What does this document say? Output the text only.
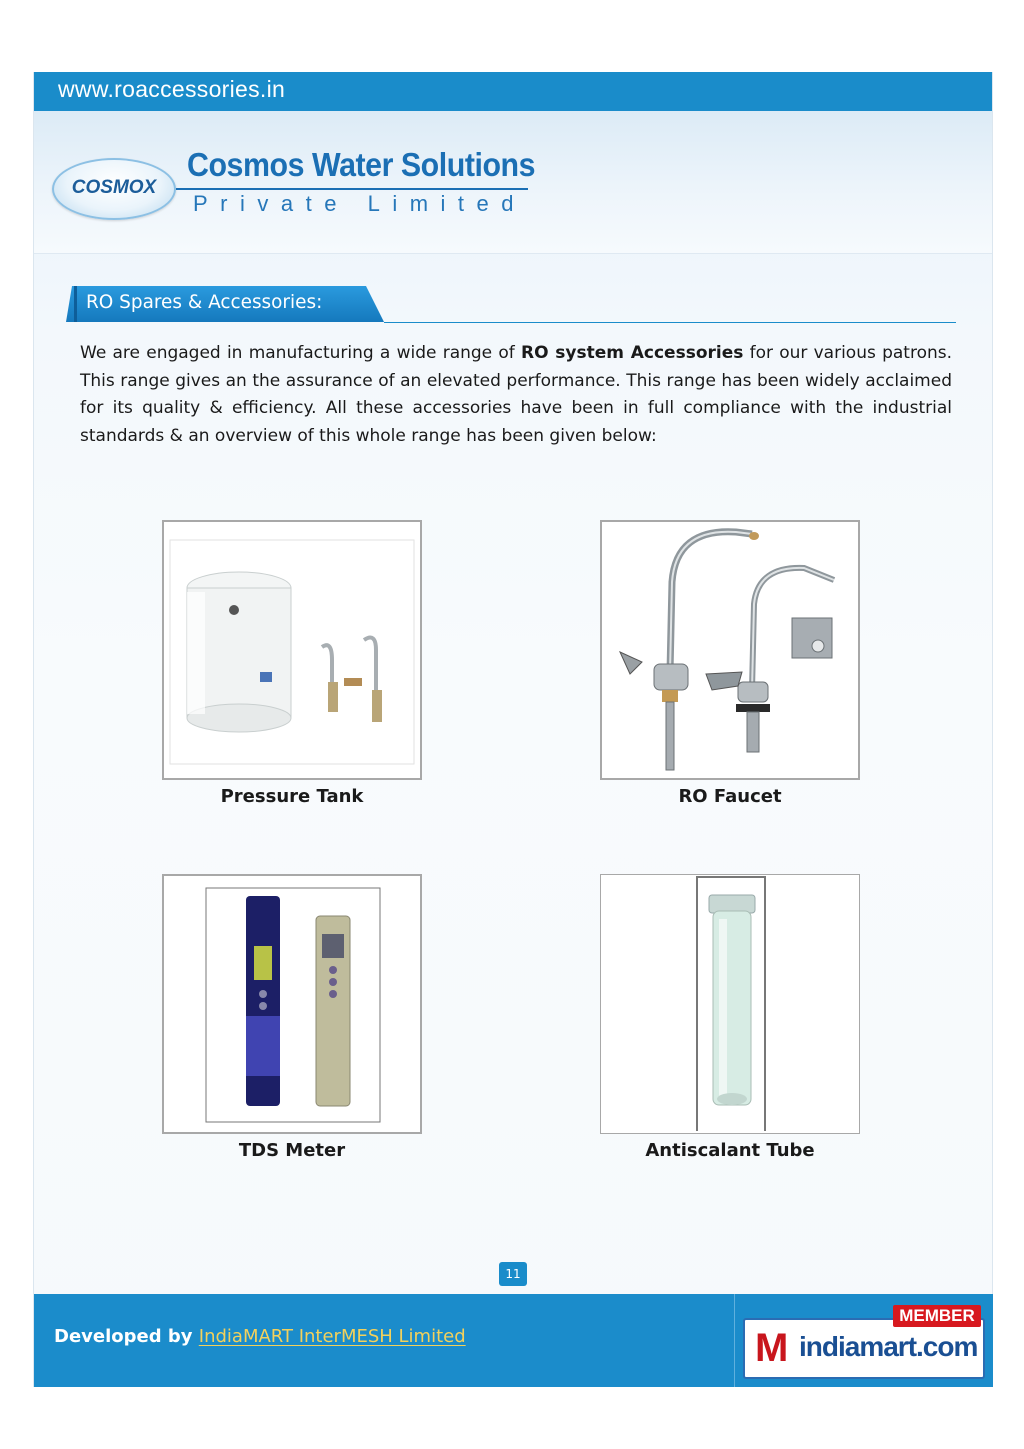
www.roaccessories.in
COSMOX
Cosmos Water Solutions
Private Limited
RO Spares & Accessories:

We are engaged in manufacturing a wide range of RO system Accessories for our various patrons. This range gives an the assurance of an elevated performance. This range has been widely acclaimed for its quality & efficiency. All these accessories have been in full compliance with the industrial standards & an overview of this whole range has been given below:

Pressure Tank	RO Faucet
TDS Meter	Antiscalant Tube
11
Developed by IndiaMART InterMESH Limited	M indiamart.com
MEMBER
